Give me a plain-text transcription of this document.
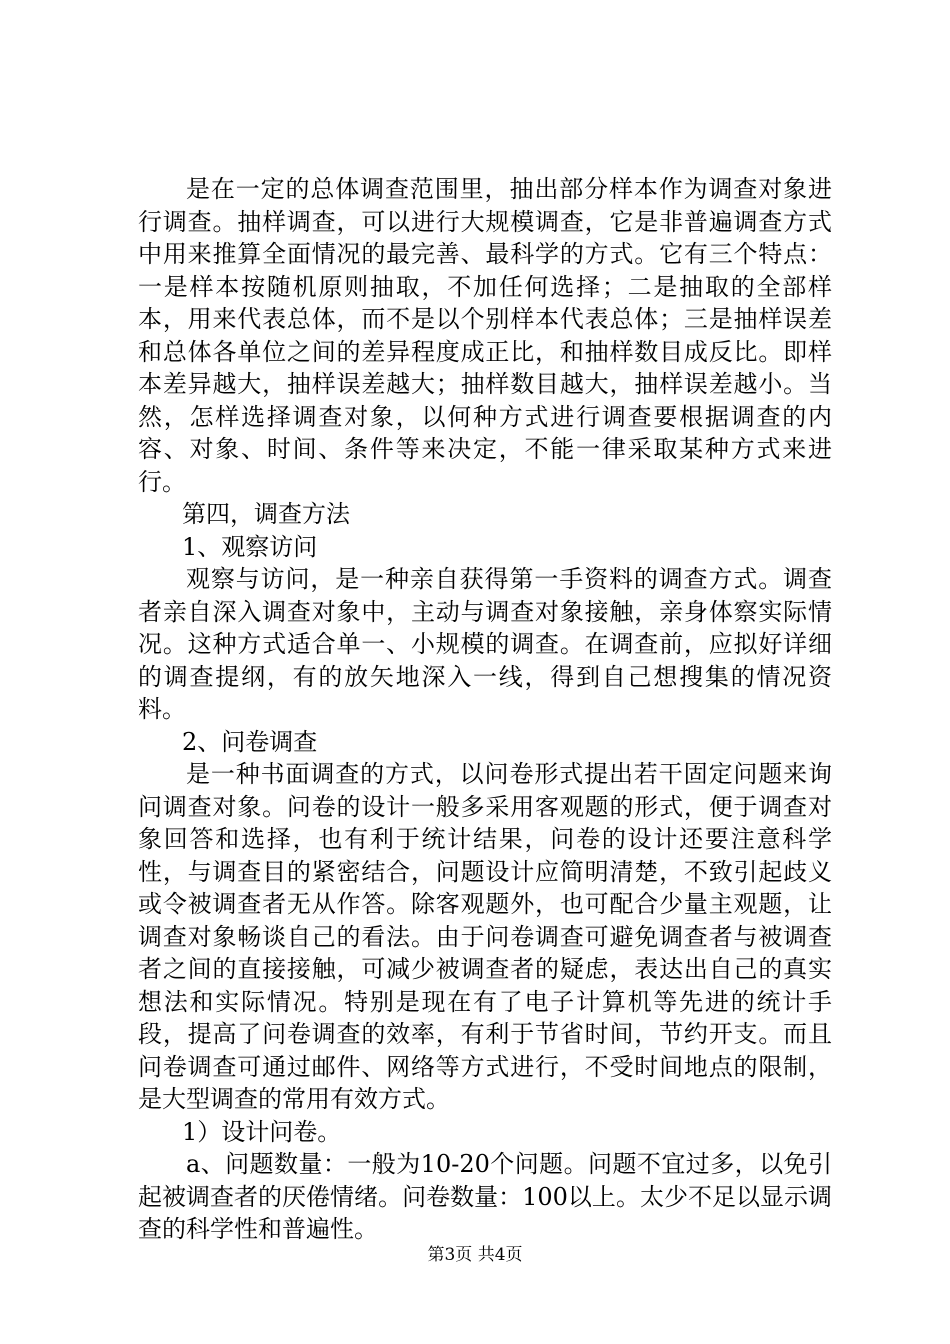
是在一定的总体调查范围里，抽出部分样本作为调查对象进行调查。抽样调查，可以进行大规模调查，它是非普遍调查方式中用来推算全面情况的最完善、最科学的方式。它有三个特点：一是样本按随机原则抽取，不加任何选择；二是抽取的全部样本，用来代表总体，而不是以个别样本代表总体；三是抽样误差和总体各单位之间的差异程度成正比，和抽样数目成反比。即样本差异越大，抽样误差越大；抽样数目越大，抽样误差越小。当然，怎样选择调查对象，以何种方式进行调查要根据调查的内容、对象、时间、条件等来决定，不能一律采取某种方式来进行。

第四，调查方法

1、观察访问

观察与访问，是一种亲自获得第一手资料的调查方式。调查者亲自深入调查对象中，主动与调查对象接触，亲身体察实际情况。这种方式适合单一、小规模的调查。在调查前，应拟好详细的调查提纲，有的放矢地深入一线，得到自己想搜集的情况资料。

2、问卷调查

是一种书面调查的方式，以问卷形式提出若干固定问题来询问调查对象。问卷的设计一般多采用客观题的形式，便于调查对象回答和选择，也有利于统计结果，问卷的设计还要注意科学性，与调查目的紧密结合，问题设计应简明清楚，不致引起歧义或令被调查者无从作答。除客观题外，也可配合少量主观题，让调查对象畅谈自己的看法。由于问卷调查可避免调查者与被调查者之间的直接接触，可减少被调查者的疑虑，表达出自己的真实想法和实际情况。特别是现在有了电子计算机等先进的统计手段，提高了问卷调查的效率，有利于节省时间，节约开支。而且问卷调查可通过邮件、网络等方式进行，不受时间地点的限制，是大型调查的常用有效方式。

1）设计问卷。

a、问题数量：一般为10-20个问题。问题不宜过多，以免引起被调查者的厌倦情绪。问卷数量：100以上。太少不足以显示调查的科学性和普遍性。

第3页 共4页
